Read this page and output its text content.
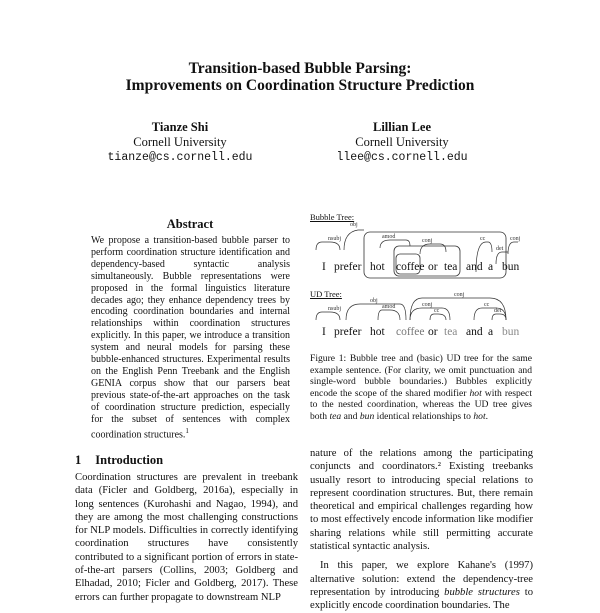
Transition-based Bubble Parsing:
Improvements on Coordination Structure Prediction
Tianze Shi
Cornell University
tianze@cs.cornell.edu
Lillian Lee
Cornell University
llee@cs.cornell.edu
Abstract
We propose a transition-based bubble parser to perform coordination structure identification and dependency-based syntactic analysis simultaneously. Bubble representations were proposed in the formal linguistics literature decades ago; they enhance dependency trees by encoding coordination boundaries and internal relationships within coordination structures explicitly. In this paper, we introduce a transition system and neural models for parsing these bubble-enhanced structures. Experimental results on the English Penn Treebank and the English GENIA corpus show that our parsers beat previous state-of-the-art approaches on the task of coordination structure prediction, especially for the subset of sentences with complex coordination structures.$^1$
1 Introduction
Coordination structures are prevalent in treebank data (Ficler and Goldberg, 2016a), especially in long sentences (Kurohashi and Nagao, 1994), and they are among the most challenging constructions for NLP models. Difficulties in correctly identifying coordination structures have consistently contributed to a significant portion of errors in state-of-the-art parsers (Collins, 2003; Goldberg and Elhadad, 2010; Ficler and Goldberg, 2017). These errors can further propagate to downstream NLP
Bubble Tree:
UD Tree:
nsubj
obj
amod
conj	cc
det
conj
I prefer hot coffee or tea and a bun
nsubj
obj
amod
conj
conj
cc
cc
det
I prefer hot coffee or tea and a bun
Figure 1: Bubble tree and (basic) UD tree for the same example sentence. (For clarity, we omit punctuation and single-word bubble boundaries.) Bubbles explicitly encode the scope of the shared modifier hot with respect to the nested coordination, whereas the UD tree gives both tea and bun identical relationships to hot.

nature of the relations among the participating conjuncts and coordinators.² Existing treebanks usually resort to introducing special relations to represent coordination structures. But, there remain theoretical and empirical challenges regarding how to most effectively encode information like modifier sharing relations while still permitting accurate statistical syntactic analysis.

In this paper, we explore Kahane's (1997) alternative solution: extend the dependency-tree representation by introducing bubble structures to explicitly encode coordination boundaries. The
